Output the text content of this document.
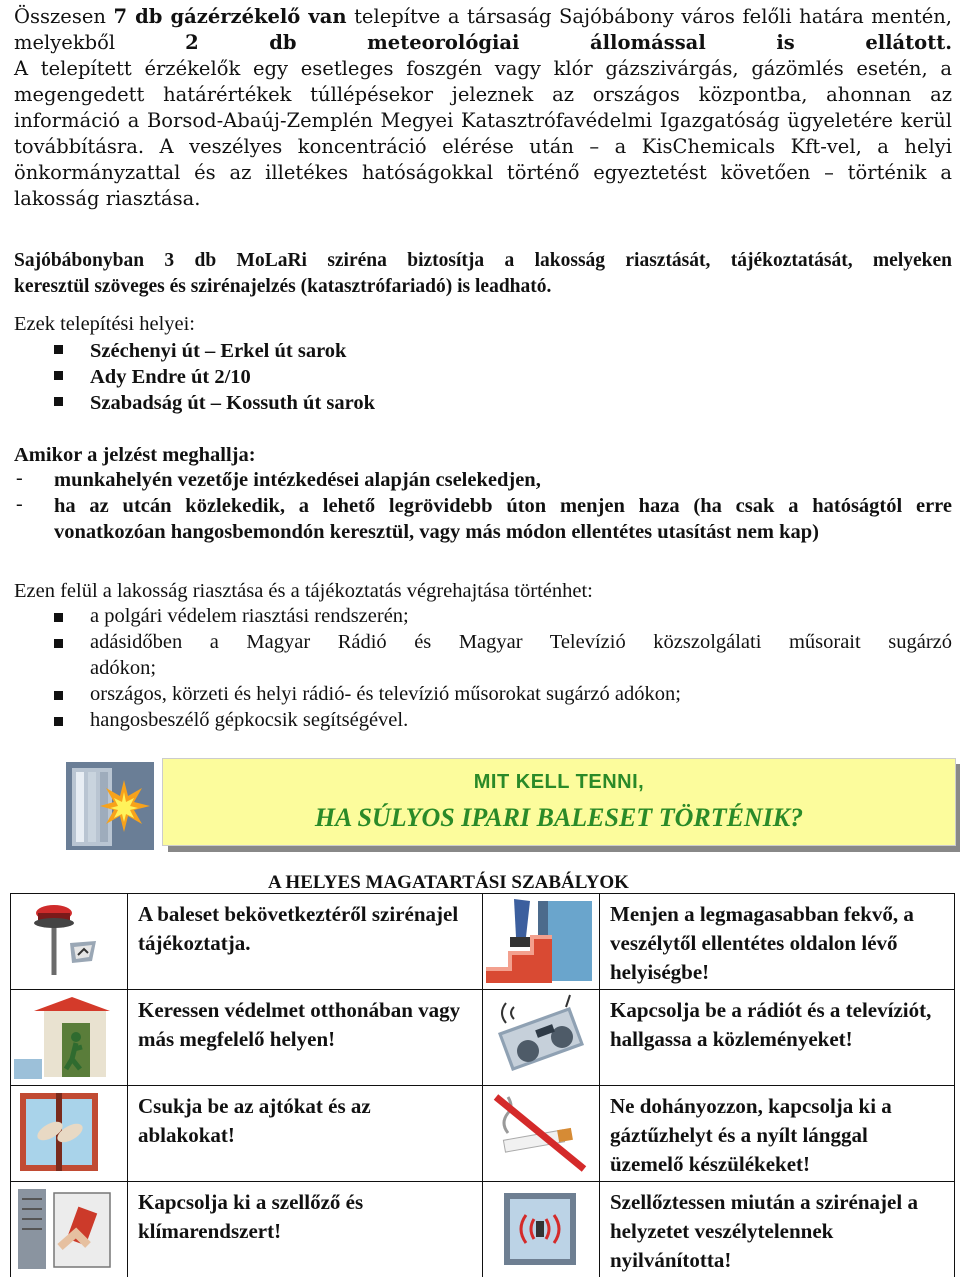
Összesen 7 db gázérzékelő van telepítve a társaság Sajóbábony város felőli határa mentén, melyekből 2 db meteorológiai állomással is ellátott.
A telepített érzékelők egy esetleges foszgén vagy klór gázszivárgás, gázömlés esetén, a
megengedett határértékek túllépésekor jeleznek az országos központba, ahonnan az
információ a Borsod-Abaúj-Zemplén Megyei Katasztrófavédelmi Igazgatóság ügyeletére kerül
továbbításra. A veszélyes koncentráció elérése után – a KisChemicals Kft-vel, a helyi
önkormányzattal és az illetékes hatóságokkal történő egyeztetést követően – történik a
lakosság riasztása.
Sajóbábonyban 3 db MoLaRi sziréna biztosítja a lakosság riasztását, tájékoztatását, melyeken
keresztül szöveges és szirénajelzés (katasztrófariadó) is leadható.
Ezek telepítési helyei:
Széchenyi út – Erkel út sarok
Ady Endre út 2/10
Szabadság út – Kossuth út sarok
Amikor a jelzést meghallja:
- munkahelyén vezetője intézkedései alapján cselekedjen,
- ha az utcán közlekedik, a lehető legrövidebb úton menjen haza (ha csak a hatóságtól erre
vonatkozóan hangosbemondón keresztül, vagy más módon ellentétes utasítást nem kap)
Ezen felül a lakosság riasztása és a tájékoztatás végrehajtása történhet:
a polgári védelem riasztási rendszerén;
adásidőben a Magyar Rádió és Magyar Televízió közszolgálati műsorait sugárzó
adókon;
országos, körzeti és helyi rádió- és televízió műsorokat sugárzó adókon;
hangosbeszélő gépkocsik segítségével.
MIT KELL TENNI,
HA SÚLYOS IPARI BALESET TÖRTÉNIK?
A HELYES MAGATARTÁSI SZABÁLYOK
	A baleset bekövetkeztéről szirénajel tájékoztatja.		Menjen a legmagasabban fekvő, a veszélytől ellentétes oldalon lévő helyiségbe!

	Keressen védelmet otthonában vagy más megfelelő helyen!		Kapcsolja be a rádiót és a televíziót, hallgassa a közleményeket!

	Csukja be az ajtókat és az ablakokat!		Ne dohányozzon, kapcsolja ki a gáztűzhelyt és a nyílt lánggal üzemelő készülékeket!

	Kapcsolja ki a szellőző és klímarendszert!		Szellőztessen miután a szirénajel a helyzetet veszélytelennek nyilvánította!
